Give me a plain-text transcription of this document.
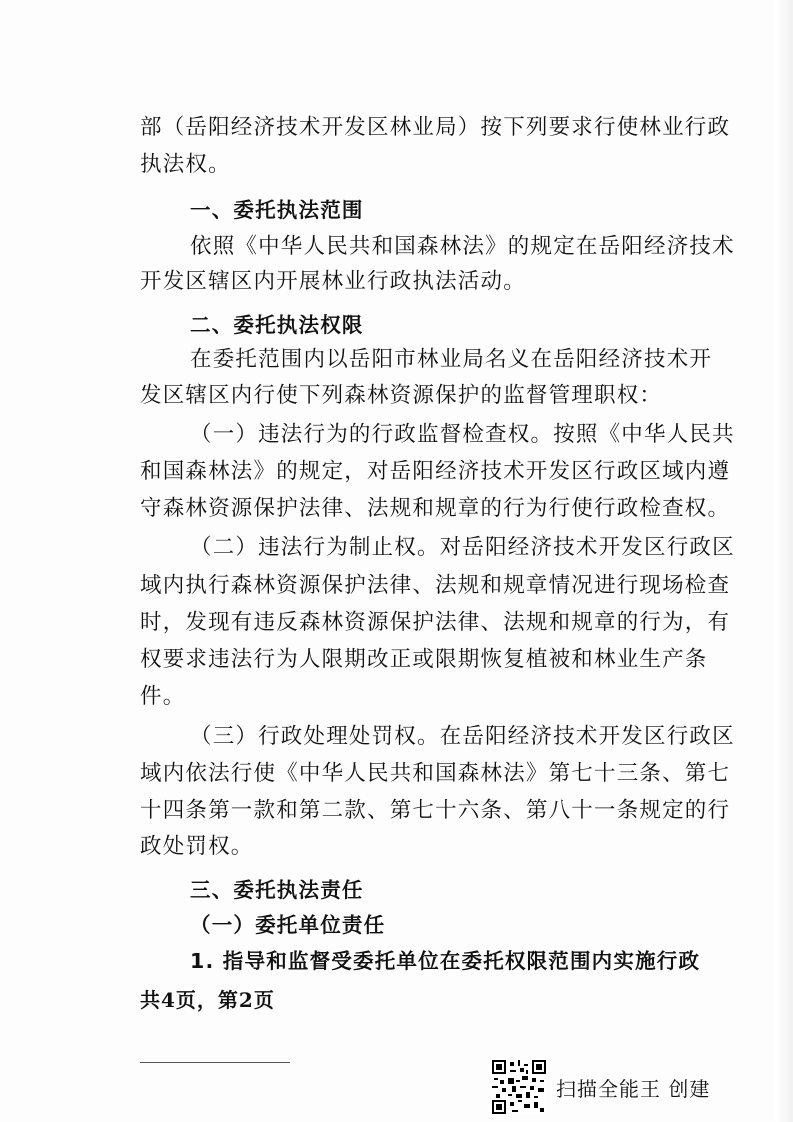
部（岳阳经济技术开发区林业局）按下列要求行使林业行政
执法权。
一、委托执法范围
依照《中华人民共和国森林法》的规定在岳阳经济技术
开发区辖区内开展林业行政执法活动。
二、委托执法权限
在委托范围内以岳阳市林业局名义在岳阳经济技术开
发区辖区内行使下列森林资源保护的监督管理职权：
（一）违法行为的行政监督检查权。按照《中华人民共
和国森林法》的规定，对岳阳经济技术开发区行政区域内遵
守森林资源保护法律、法规和规章的行为行使行政检查权。
（二）违法行为制止权。对岳阳经济技术开发区行政区
域内执行森林资源保护法律、法规和规章情况进行现场检查
时，发现有违反森林资源保护法律、法规和规章的行为，有
权要求违法行为人限期改正或限期恢复植被和林业生产条
件。
（三）行政处理处罚权。在岳阳经济技术开发区行政区
域内依法行使《中华人民共和国森林法》第七十三条、第七
十四条第一款和第二款、第七十六条、第八十一条规定的行
政处罚权。
三、委托执法责任
（一）委托单位责任
1. 指导和监督受委托单位在委托权限范围内实施行政
共4页，第2页
扫描全能王 创建
